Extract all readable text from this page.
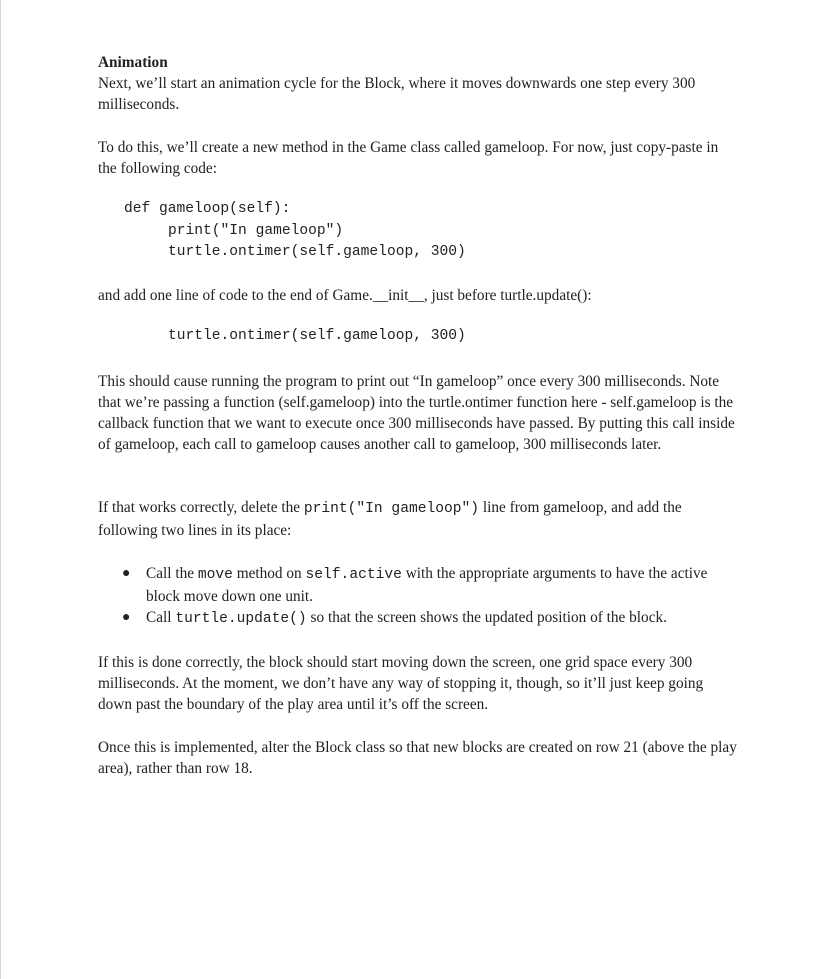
Animation

Next, we’ll start an animation cycle for the Block, where it moves downwards one step every 300 milliseconds.

To do this, we’ll create a new method in the Game class called gameloop. For now, just copy-paste in the following code:

def gameloop(self):
print("In gameloop")
turtle.ontimer(self.gameloop, 300)

and add one line of code to the end of Game.__init__, just before turtle.update():

turtle.ontimer(self.gameloop, 300)

This should cause running the program to print out “In gameloop” once every 300 milliseconds. Note that we’re passing a function (self.gameloop) into the turtle.ontimer function here - self.gameloop is the callback function that we want to execute once 300 milliseconds have passed. By putting this call inside of gameloop, each call to gameloop causes another call to gameloop, 300 milliseconds later.

If that works correctly, delete the print("In gameloop") line from gameloop, and add the following two lines in its place:

● Call the move method on self.active with the appropriate arguments to have the active block move down one unit.
● Call turtle.update() so that the screen shows the updated position of the block.

If this is done correctly, the block should start moving down the screen, one grid space every 300 milliseconds. At the moment, we don’t have any way of stopping it, though, so it’ll just keep going down past the boundary of the play area until it’s off the screen.

Once this is implemented, alter the Block class so that new blocks are created on row 21 (above the play area), rather than row 18.
